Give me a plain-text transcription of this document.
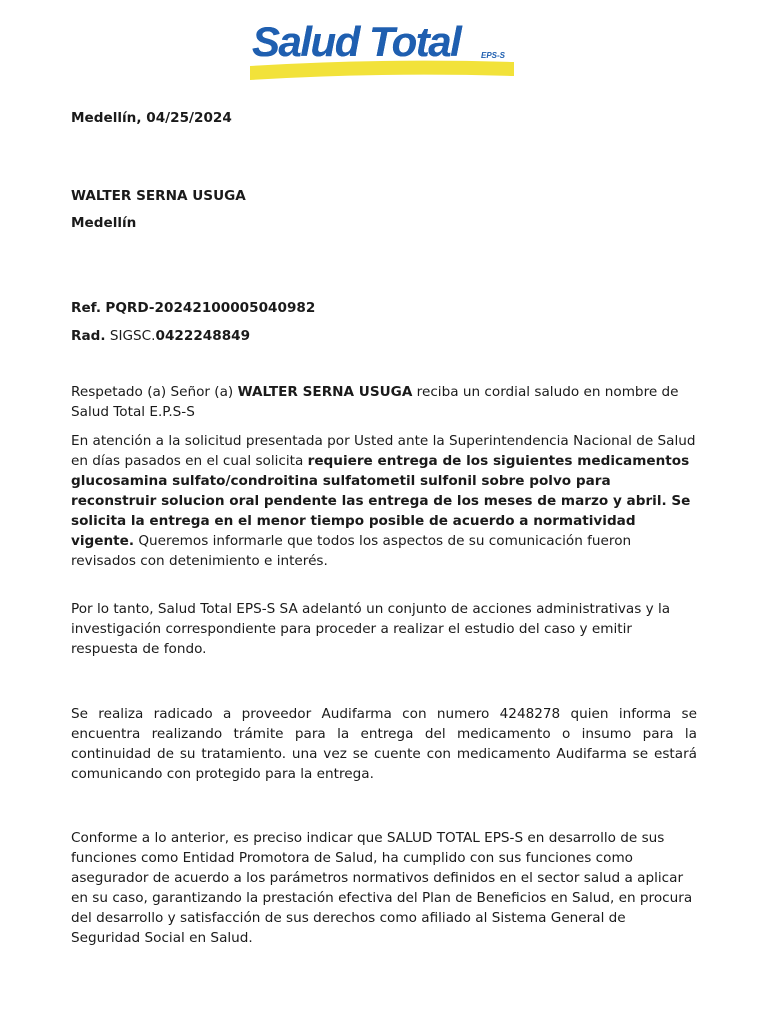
Salud Total	EPS-S
Medellín, 04/25/2024
WALTER SERNA USUGA
Medellín
Ref. PQRD-20242100005040982
Rad. SIGSC.0422248849

Respetado (a) Señor (a) WALTER SERNA USUGA reciba un cordial saludo en nombre de Salud Total E.P.S-S

En atención a la solicitud presentada por Usted ante la Superintendencia Nacional de Salud en días pasados en el cual solicita requiere entrega de los siguientes medicamentos glucosamina sulfato/condroitina sulfatometil sulfonil sobre polvo para reconstruir solucion oral pendente las entrega de los meses de marzo y abril. Se solicita la entrega en el menor tiempo posible de acuerdo a normatividad vigente. Queremos informarle que todos los aspectos de su comunicación fueron revisados con detenimiento e interés.

Por lo tanto, Salud Total EPS-S SA adelantó un conjunto de acciones administrativas y la investigación correspondiente para proceder a realizar el estudio del caso y emitir respuesta de fondo.

Se realiza radicado a proveedor Audifarma con numero 4248278 quien informa se encuentra realizando trámite para la entrega del medicamento o insumo para la continuidad de su tratamiento. una vez se cuente con medicamento Audifarma se estará comunicando con protegido para la entrega.

Conforme a lo anterior, es preciso indicar que SALUD TOTAL EPS-S en desarrollo de sus funciones como Entidad Promotora de Salud, ha cumplido con sus funciones como asegurador de acuerdo a los parámetros normativos definidos en el sector salud a aplicar en su caso, garantizando la prestación efectiva del Plan de Beneficios en Salud, en procura del desarrollo y satisfacción de sus derechos como afiliado al Sistema General de Seguridad Social en Salud.
